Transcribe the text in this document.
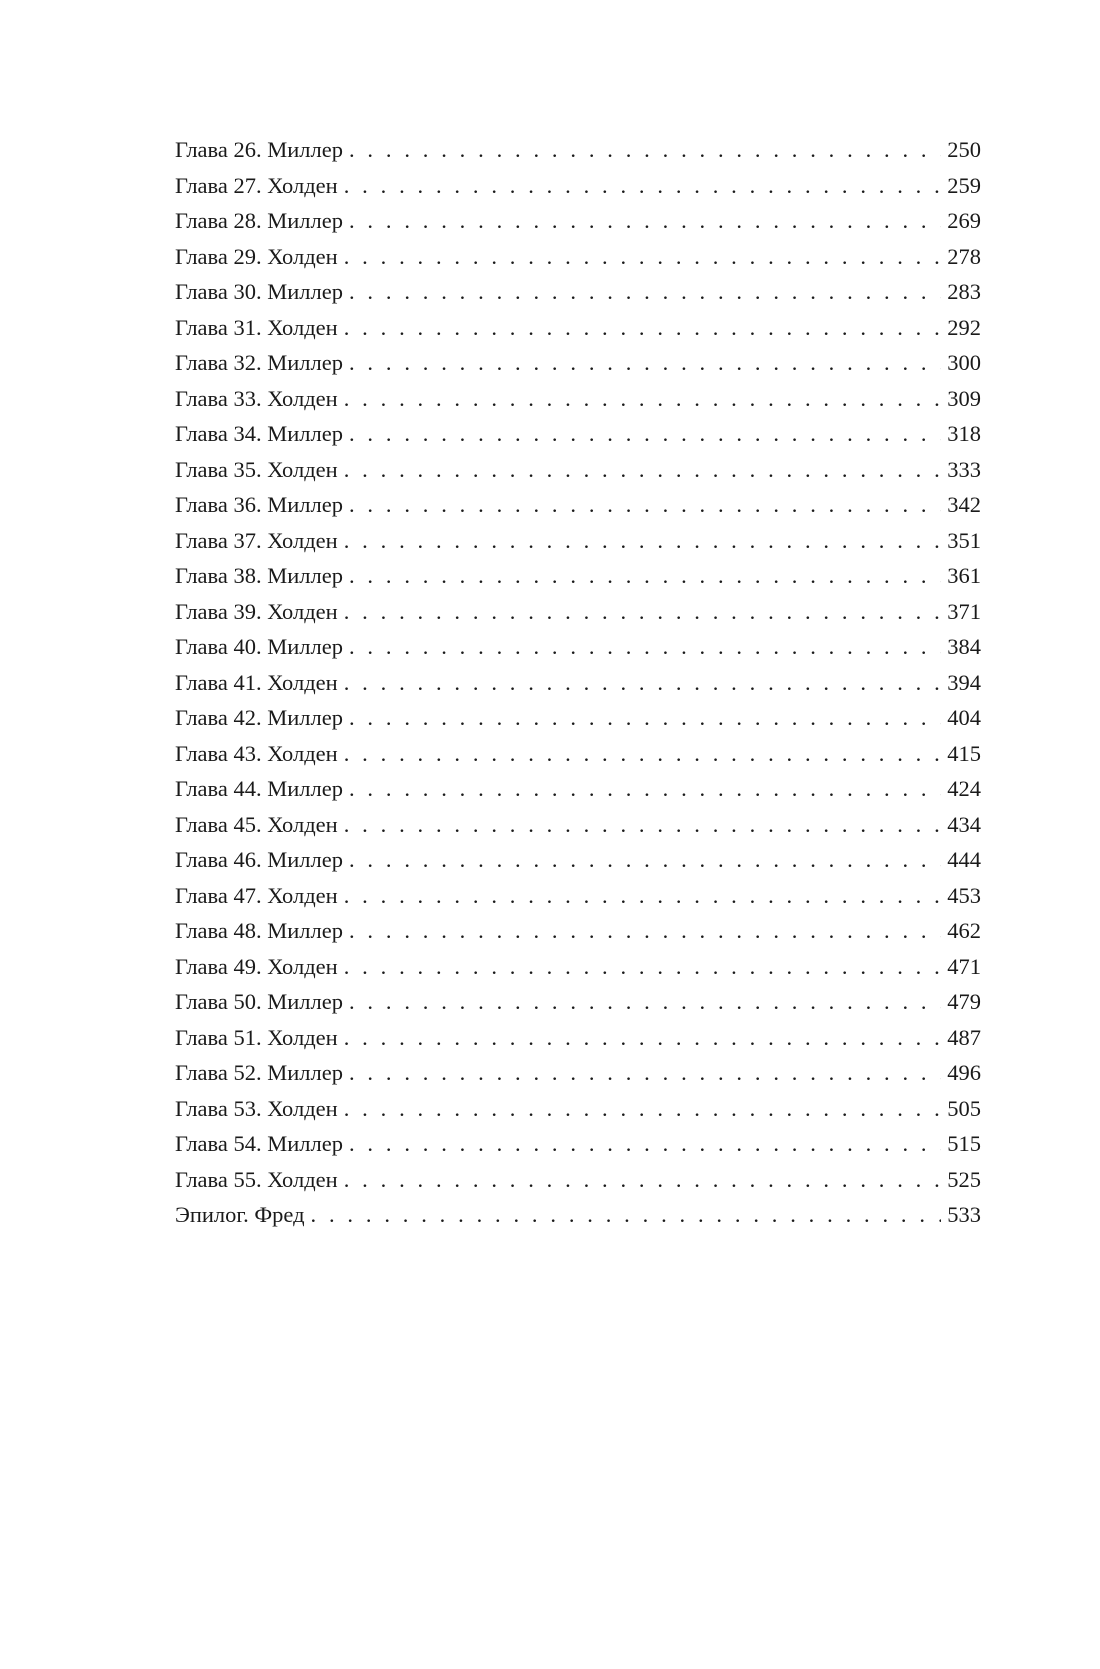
Глава 26. Миллер . . .	250
Глава 27. Холден . . .	259
Глава 28. Миллер . . .	269
Глава 29. Холден . . .	278
Глава 30. Миллер . . .	283
Глава 31. Холден . . .	292
Глава 32. Миллер . . .	300
Глава 33. Холден . . .	309
Глава 34. Миллер . . .	318
Глава 35. Холден . . .	333
Глава 36. Миллер . . .	342
Глава 37. Холден . . .	351
Глава 38. Миллер . . .	361
Глава 39. Холден . . .	371
Глава 40. Миллер . . .	384
Глава 41. Холден . . .	394
Глава 42. Миллер . . .	404
Глава 43. Холден . . .	415
Глава 44. Миллер . . .	424
Глава 45. Холден . . .	434
Глава 46. Миллер . . .	444
Глава 47. Холден . . .	453
Глава 48. Миллер . . .	462
Глава 49. Холден . . .	471
Глава 50. Миллер . . .	479
Глава 51. Холден . . .	487
Глава 52. Миллер . . .	496
Глава 53. Холден . . .	505
Глава 54. Миллер . . .	515
Глава 55. Холден . . .	525
Эпилог. Фред . . .	533
